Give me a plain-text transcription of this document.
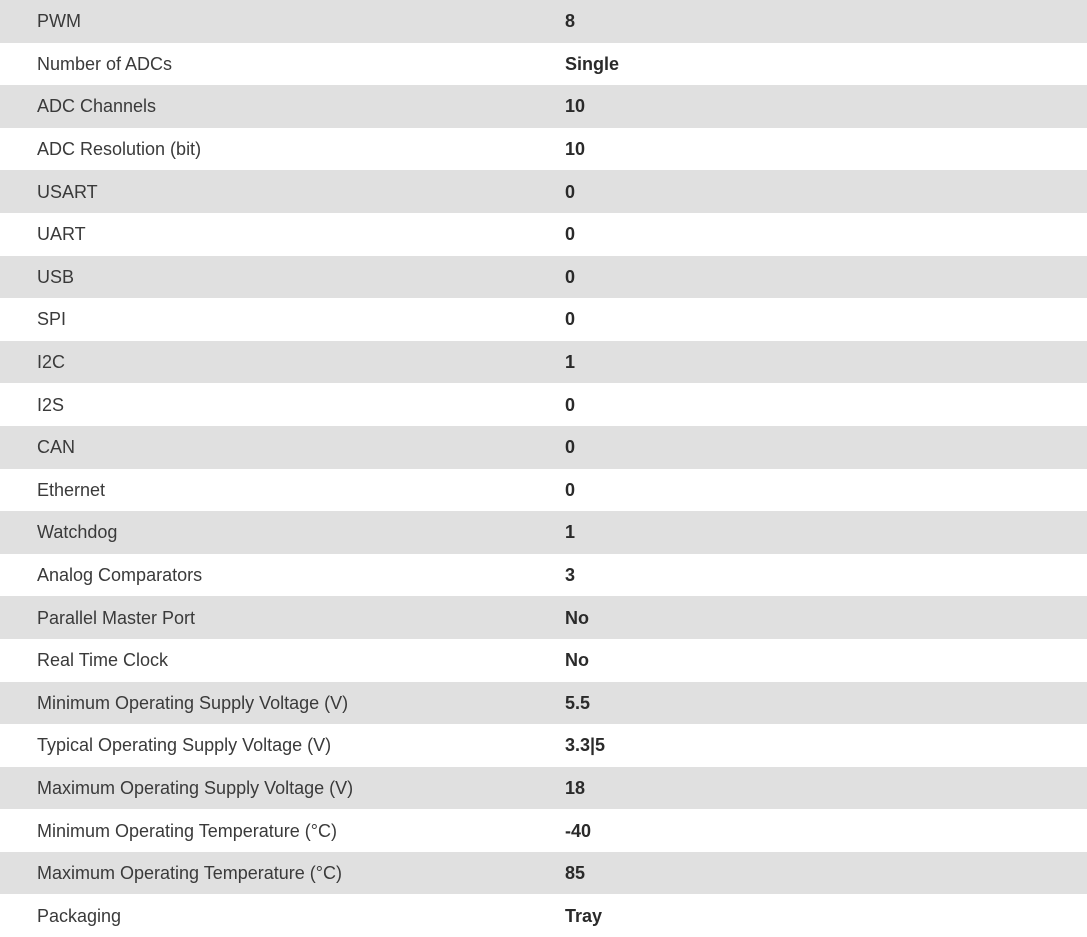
PWM	8
Number of ADCs	Single
ADC Channels	10
ADC Resolution (bit)	10
USART	0
UART	0
USB	0
SPI	0
I2C	1
I2S	0
CAN	0
Ethernet	0
Watchdog	1
Analog Comparators	3
Parallel Master Port	No
Real Time Clock	No
Minimum Operating Supply Voltage (V)	5.5
Typical Operating Supply Voltage (V)	3.3|5
Maximum Operating Supply Voltage (V)	18
Minimum Operating Temperature (°C)	-40
Maximum Operating Temperature (°C)	85
Packaging	Tray
